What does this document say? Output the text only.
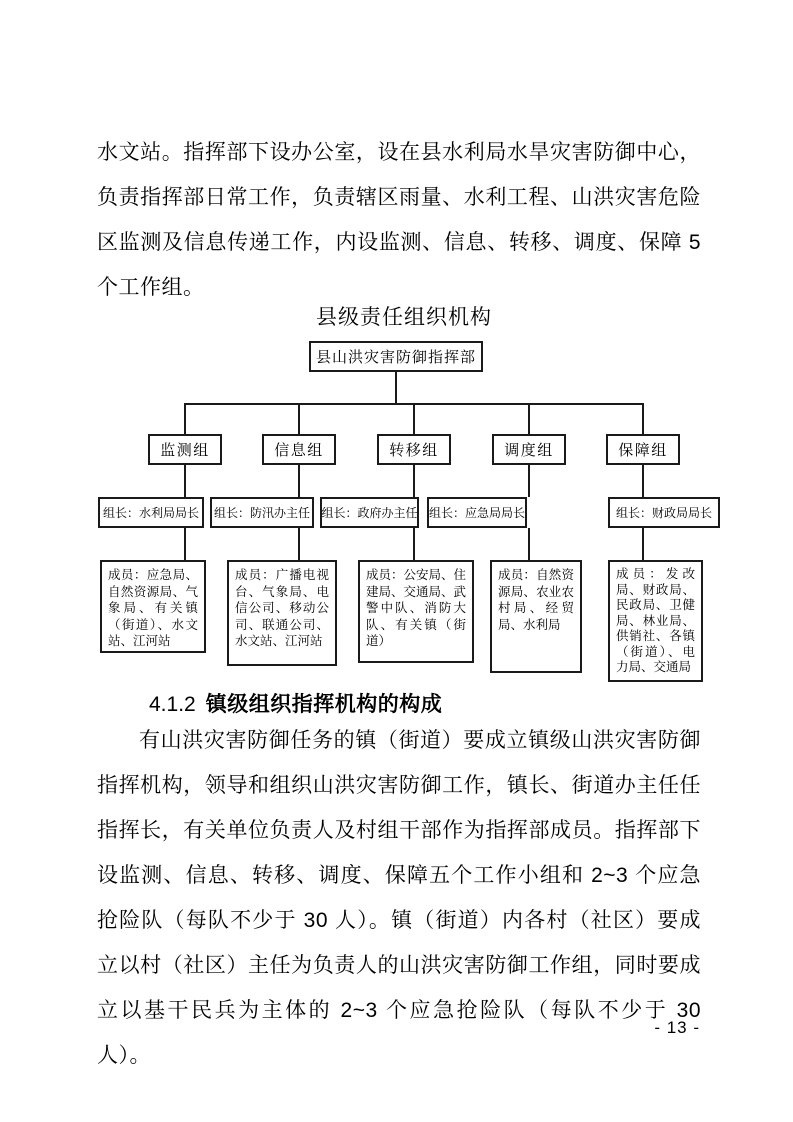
水文站。指挥部下设办公室，设在县水利局水旱灾害防御中心，负责指挥部日常工作，负责辖区雨量、水利工程、山洪灾害危险区监测及信息传递工作，内设监测、信息、转移、调度、保障 5 个工作组。

县级责任组织机构
县山洪灾害防御指挥部
监测组	信息组	转移组	调度组	保障组
组长：水利局局长 组长：防汛办主任 组长：政府办主任 组长：应急局局长	组长：财政局局长
成员：应急局、自然资源局、气象局、有关镇（街道）、水文站、江河站
成员：广播电视台、气象局、电信公司、移动公司、联通公司、水文站、江河站
成员：公安局、住建局、交通局、武警中队、消防大队、有关镇（街道）
成员：自然资源局、农业农村局、经贸局、水利局
成员：发改局、财政局、民政局、卫健局、林业局、供销社、各镇（街道）、电力局、交通局
4.1.2 镇级组织指挥机构的构成

有山洪灾害防御任务的镇（街道）要成立镇级山洪灾害防御指挥机构，领导和组织山洪灾害防御工作，镇长、街道办主任任指挥长，有关单位负责人及村组干部作为指挥部成员。指挥部下设监测、信息、转移、调度、保障五个工作小组和 2~3 个应急抢险队（每队不少于 30 人）。镇（街道）内各村（社区）要成立以村（社区）主任为负责人的山洪灾害防御工作组，同时要成立以基干民兵为主体的 2~3 个应急抢险队（每队不少于 30 人）。

- 13 -
